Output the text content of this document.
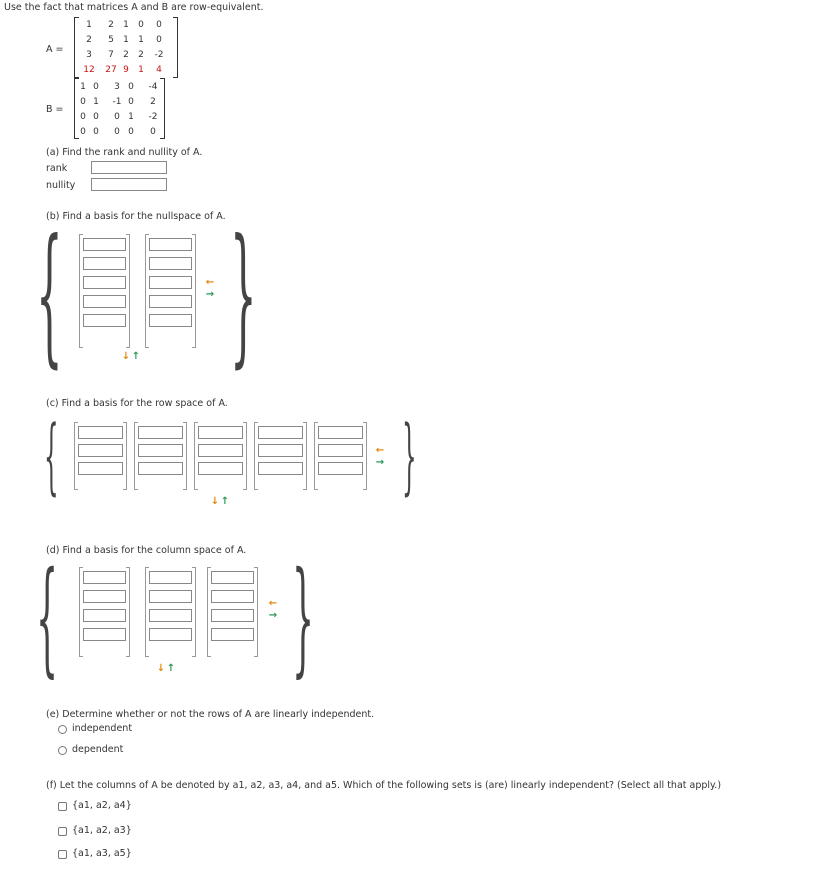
Use the fact that matrices A and B are row-equivalent.
A =
1	2	1	0	0
2	5	1	1	0
3	7	2	2	-2
12 27 9	1	4
B =
1 0	3 0	-4
0 1	-1 0	2
0 0	0 1	-2
0 0	0 0	0
(a) Find the rank and nullity of A.
rank
nullity
(b) Find a basis for the nullspace of A.
{ }
←
→
↓ ↑
(c) Find a basis for the row space of A.
{	}
←
→
↓ ↑
(d) Find a basis for the column space of A.
{ }
←
→
↓ ↑
(e) Determine whether or not the rows of A are linearly independent.
independent
dependent
(f) Let the columns of A be denoted by a1, a2, a3, a4, and a5. Which of the following sets is (are) linearly independent? (Select all that apply.)
{a1, a2, a4}
{a1, a2, a3}
{a1, a3, a5}
